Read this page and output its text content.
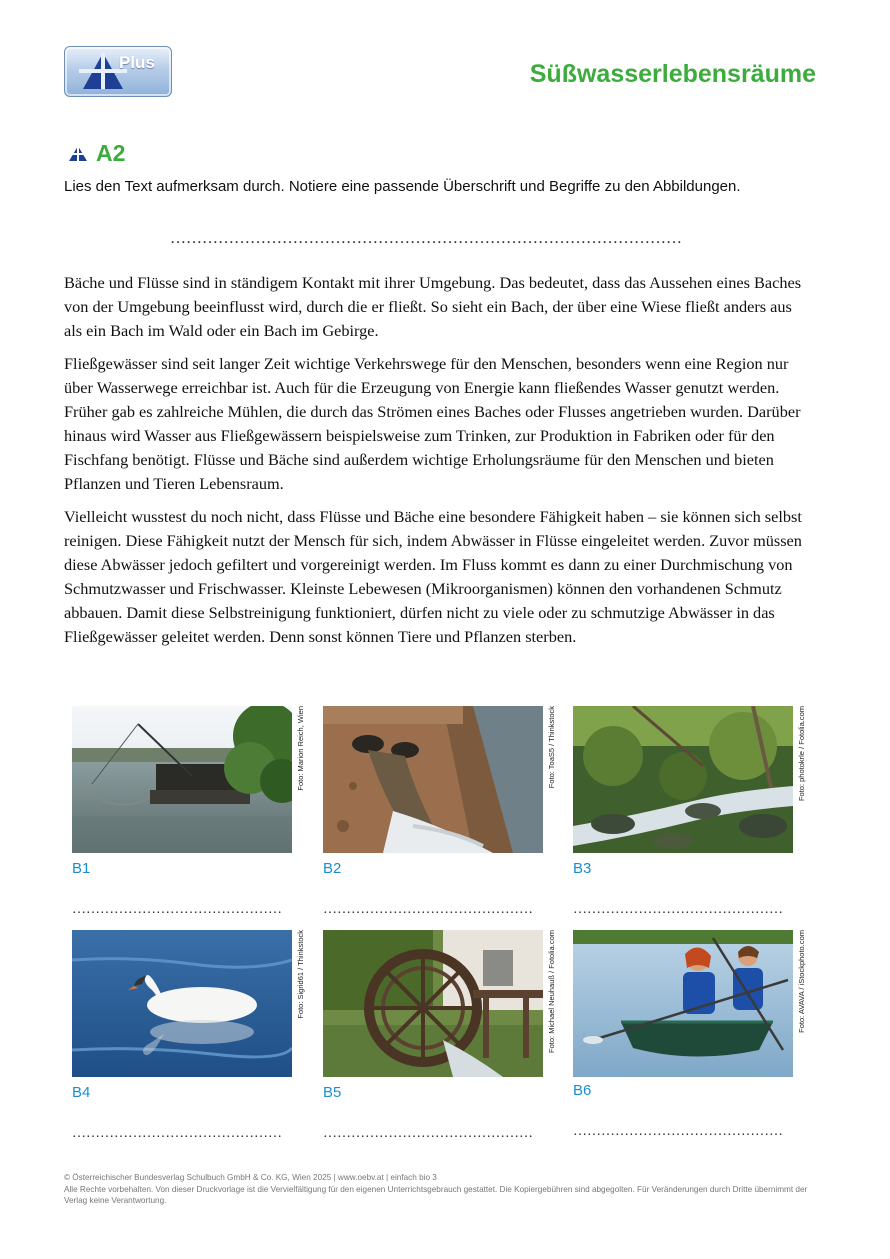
Plus	Süßwasserlebensräume
A2
Lies den Text aufmerksam durch. Notiere eine passende Überschrift und Begriffe zu den Abbildungen.
……………………………………………………………………………………

Bäche und Flüsse sind in ständigem Kontakt mit ihrer Umgebung. Das bedeutet, dass das Aussehen eines Baches von der Umgebung beeinflusst wird, durch die er fließt. So sieht ein Bach, der über eine Wiese fließt anders aus als ein Bach im Wald oder ein Bach im Gebirge.

Fließgewässer sind seit langer Zeit wichtige Verkehrswege für den Menschen, besonders wenn eine Region nur über Wasserwege erreichbar ist. Auch für die Erzeugung von Energie kann fließendes Wasser genutzt werden. Früher gab es zahlreiche Mühlen, die durch das Strömen eines Baches oder Flusses angetrieben wurden. Darüber hinaus wird Wasser aus Fließgewässern beispielsweise zum Trinken, zur Produktion in Fabriken oder für den Fischfang benötigt. Flüsse und Bäche sind außerdem wichtige Erholungsräume für den Menschen und bieten Pflanzen und Tieren Lebensraum.

Vielleicht wusstest du noch nicht, dass Flüsse und Bäche eine besondere Fähigkeit haben – sie können sich selbst reinigen. Diese Fähigkeit nutzt der Mensch für sich, indem Abwässer in Flüsse eingeleitet werden. Zuvor müssen diese Abwässer jedoch gefiltert und vorgereinigt werden. Im Fluss kommt es dann zu einer Durchmischung von Schmutzwasser und Frischwasser. Kleinste Lebewesen (Mikroorganismen) können den vorhandenen Schmutz abbauen. Damit diese Selbstreinigung funktioniert, dürfen nicht zu viele oder zu schmutzige Abwässer in das Fließgewässer geleitet werden. Denn sonst können Tiere und Pflanzen sterben.

Foto: Marion Reich, Wien
B1
………………………………………
Foto: ToaS5 / Thinkstock
B2
………………………………………
Foto: photokrle / Fotolia.com
B3
………………………………………
Foto: Sigrid61 / Thinkstock
B4
………………………………………
Foto: Michael Neuhauß / Fotolia.com
B5
………………………………………
Foto: AVAVA / iStockphoto.com
B6
………………………………………
© Österreichischer Bundesverlag Schulbuch GmbH & Co. KG, Wien 2025 | www.oebv.at | einfach bio 3
Alle Rechte vorbehalten. Von dieser Druckvorlage ist die Vervielfältigung für den eigenen Unterrichtsgebrauch gestattet. Die Kopiergebühren sind abgegolten. Für Veränderungen durch Dritte übernimmt der Verlag keine Verantwortung.
